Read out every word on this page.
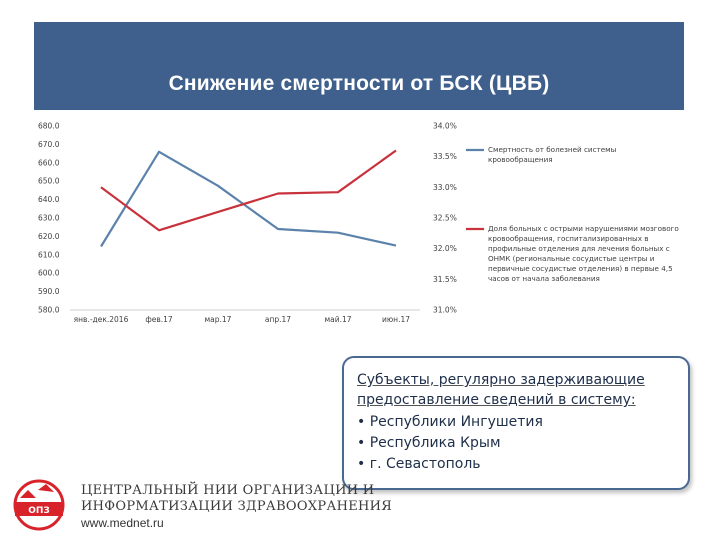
Снижение смертности от БСК (ЦВБ)
680.0
670.0
660.0
650.0
640.0
630.0
620.0
610.0
600.0
590.0
580.0
34.0%
33.5%
33.0%
32.5%
32.0%
31.5%
31.0%
янв.-дек.2016 фев.17	мар.17	апр.17	май.17	июн.17
Смертность от болезней системы кровообращения
Доля больных с острыми нарушениями мозгового кровообращения, госпитализированных в профильные отделения для лечения больных с ОНМК (региональные сосудистые центры и первичные сосудистые отделения) в первые 4,5 часов от начала заболевания
Субъекты, регулярно задерживающие предоставление сведений в систему:
• Республики Ингушетия
• Республика Крым
• г. Севастополь
ОПЗ
ЦЕНТРАЛЬНЫЙ НИИ ОРГАНИЗАЦИИ И
ИНФОРМАТИЗАЦИИ ЗДРАВООХРАНЕНИЯ
www.mednet.ru
